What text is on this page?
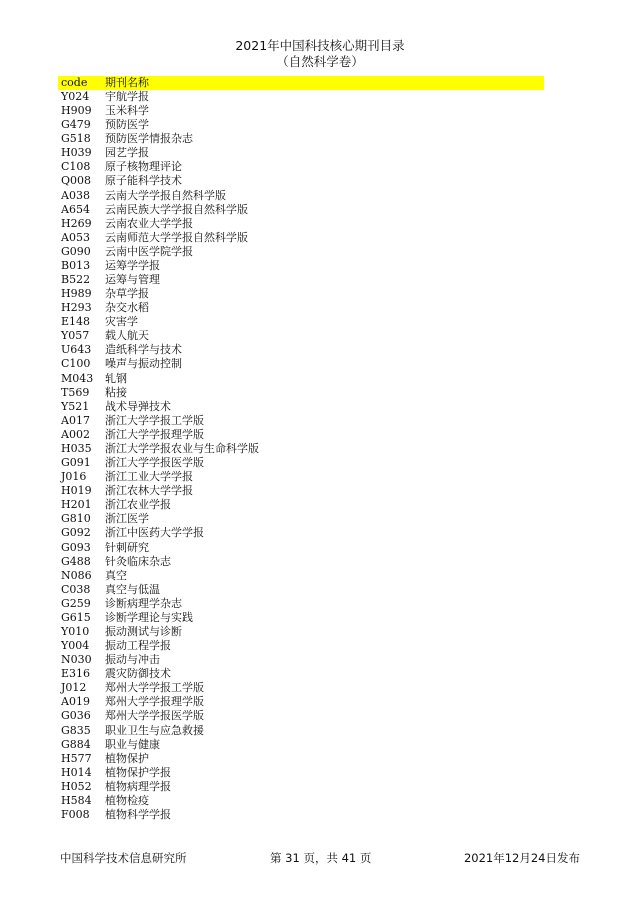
2021年中国科技核心期刊目录
（自然科学卷）
code 期刊名称
Y024 宇航学报
H909 玉米科学
G479 预防医学
G518 预防医学情报杂志
H039 园艺学报
C108 原子核物理评论
Q008 原子能科学技术
A038 云南大学学报自然科学版
A654 云南民族大学学报自然科学版
H269 云南农业大学学报
A053 云南师范大学学报自然科学版
G090 云南中医学院学报
B013 运筹学学报
B522 运筹与管理
H989 杂草学报
H293 杂交水稻
E148 灾害学
Y057 载人航天
U643 造纸科学与技术
C100 噪声与振动控制
M043 轧钢
T569 粘接
Y521 战术导弹技术
A017 浙江大学学报工学版
A002 浙江大学学报理学版
H035 浙江大学学报农业与生命科学版
G091 浙江大学学报医学版
J016 浙江工业大学学报
H019 浙江农林大学学报
H201 浙江农业学报
G810 浙江医学
G092 浙江中医药大学学报
G093 针刺研究
G488 针灸临床杂志
N086 真空
C038 真空与低温
G259 诊断病理学杂志
G615 诊断学理论与实践
Y010 振动测试与诊断
Y004 振动工程学报
N030 振动与冲击
E316 震灾防御技术
J012 郑州大学学报工学版
A019 郑州大学学报理学版
G036 郑州大学学报医学版
G835 职业卫生与应急救援
G884 职业与健康
H577 植物保护
H014 植物保护学报
H052 植物病理学报
H584 植物检疫
F008 植物科学学报
中国科学技术信息研究所	第 31 页，共 41 页	2021年12月24日发布
